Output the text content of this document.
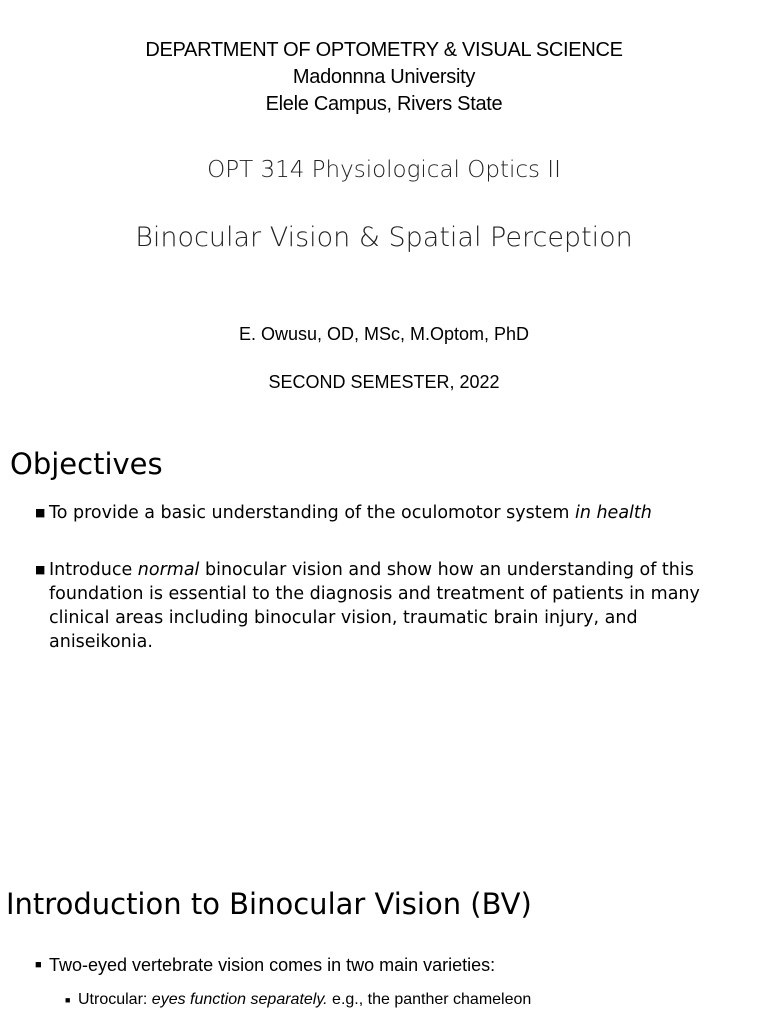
DEPARTMENT OF OPTOMETRY & VISUAL SCIENCE
Madonnna University
Elele Campus, Rivers State
OPT 314 Physiological Optics II
Binocular Vision & Spatial Perception
E. Owusu, OD, MSc, M.Optom, PhD
SECOND SEMESTER, 2022
Objectives
■ To provide a basic understanding of the oculomotor system in health
■ Introduce normal binocular vision and show how an understanding of this foundation is essential to the diagnosis and treatment of patients in many clinical areas including binocular vision, traumatic brain injury, and aniseikonia.
Introduction to Binocular Vision (BV)
■ Two-eyed vertebrate vision comes in two main varieties:
■ Utrocular: eyes function separately. e.g., the panther chameleon
